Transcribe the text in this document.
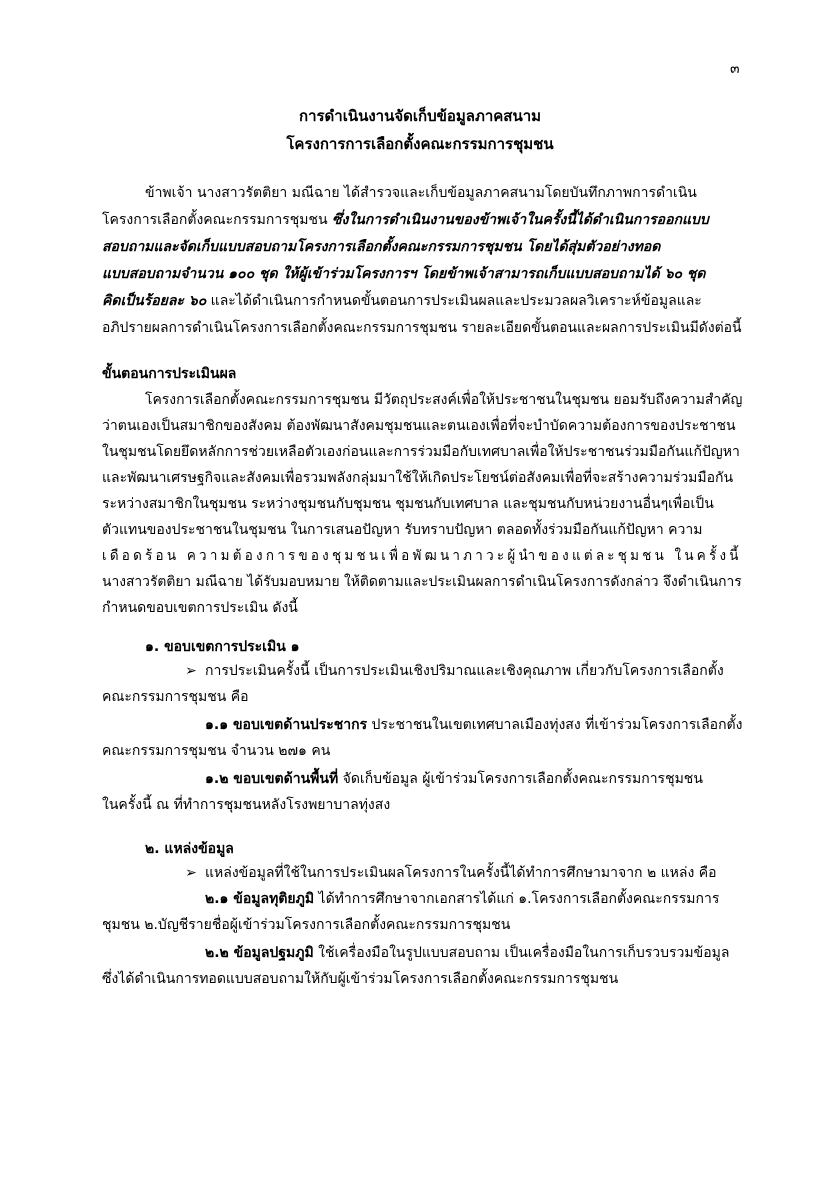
๓
การดำเนินงานจัดเก็บข้อมูลภาคสนาม
โครงการการเลือกตั้งคณะกรรมการชุมชน
ข้าพเจ้า นางสาวรัตติยา มณีฉาย ได้สำรวจและเก็บข้อมูลภาคสนามโดยบันทึกภาพการดำเนิน
โครงการเลือกตั้งคณะกรรมการชุมชน ซึ่งในการดำเนินงานของข้าพเจ้าในครั้งนี้ได้ดำเนินการออกแบบ
สอบถามและจัดเก็บแบบสอบถามโครงการเลือกตั้งคณะกรรมการชุมชน โดยได้สุ่มตัวอย่างทอด
แบบสอบถามจำนวน ๑๐๐ ชุด ให้ผู้เข้าร่วมโครงการฯ โดยข้าพเจ้าสามารถเก็บแบบสอบถามได้ ๖๐ ชุด
คิดเป็นร้อยละ ๖๐ และได้ดำเนินการกำหนดขั้นตอนการประเมินผลและประมวลผลวิเคราะห์ข้อมูลและ
อภิปรายผลการดำเนินโครงการเลือกตั้งคณะกรรมการชุมชน รายละเอียดขั้นตอนและผลการประเมินมีดังต่อนี้
ขั้นตอนการประเมินผล
โครงการเลือกตั้งคณะกรรมการชุมชน มีวัตถุประสงค์เพื่อให้ประชาชนในชุมชน ยอมรับถึงความสำคัญ
ว่าตนเองเป็นสมาชิกของสังคม ต้องพัฒนาสังคมชุมชนและตนเองเพื่อที่จะบำบัดความต้องการของประชาชน
ในชุมชนโดยยึดหลักการช่วยเหลือตัวเองก่อนและการร่วมมือกับเทศบาลเพื่อให้ประชาชนร่วมมือกันแก้ปัญหา
และพัฒนาเศรษฐกิจและสังคมเพื่อรวมพลังกลุ่มมาใช้ให้เกิดประโยชน์ต่อสังคมเพื่อที่จะสร้างความร่วมมือกัน
ระหว่างสมาชิกในชุมชน ระหว่างชุมชนกับชุมชน ชุมชนกับเทศบาล และชุมชนกับหน่วยงานอื่นๆเพื่อเป็น
ตัวแทนของประชาชนในชุมชน ในการเสนอปัญหา รับทราบปัญหา ตลอดทั้งร่วมมือกันแก้ปัญหา ความ
เดือดร้อน ความต้องการของชุมชนเพื่อพัฒนาภาวะผู้นำของแต่ละชุมชน ในครั้งนี้
นางสาวรัตติยา มณีฉาย ได้รับมอบหมาย ให้ติดตามและประเมินผลการดำเนินโครงการดังกล่าว จึงดำเนินการ
กำหนดขอบเขตการประเมิน ดังนี้
๑. ขอบเขตการประเมิน ๑
➢ การประเมินครั้งนี้ เป็นการประเมินเชิงปริมาณและเชิงคุณภาพ เกี่ยวกับโครงการเลือกตั้ง
คณะกรรมการชุมชน คือ
๑.๑ ขอบเขตด้านประชากร ประชาชนในเขตเทศบาลเมืองทุ่งสง ที่เข้าร่วมโครงการเลือกตั้ง
คณะกรรมการชุมชน จำนวน ๒๗๑ คน
๑.๒ ขอบเขตด้านพื้นที่ จัดเก็บข้อมูล ผู้เข้าร่วมโครงการเลือกตั้งคณะกรรมการชุมชน
ในครั้งนี้ ณ ที่ทำการชุมชนหลังโรงพยาบาลทุ่งสง
๒. แหล่งข้อมูล
➢ แหล่งข้อมูลที่ใช้ในการประเมินผลโครงการในครั้งนี้ได้ทำการศึกษามาจาก ๒ แหล่ง คือ
๒.๑ ข้อมูลทุติยภูมิ ได้ทำการศึกษาจากเอกสารได้แก่ ๑.โครงการเลือกตั้งคณะกรรมการ
ชุมชน ๒.บัญชีรายชื่อผู้เข้าร่วมโครงการเลือกตั้งคณะกรรมการชุมชน
๒.๒ ข้อมูลปฐมภูมิ ใช้เครื่องมือในรูปแบบสอบถาม เป็นเครื่องมือในการเก็บรวบรวมข้อมูล
ซึ่งได้ดำเนินการทอดแบบสอบถามให้กับผู้เข้าร่วมโครงการเลือกตั้งคณะกรรมการชุมชน
